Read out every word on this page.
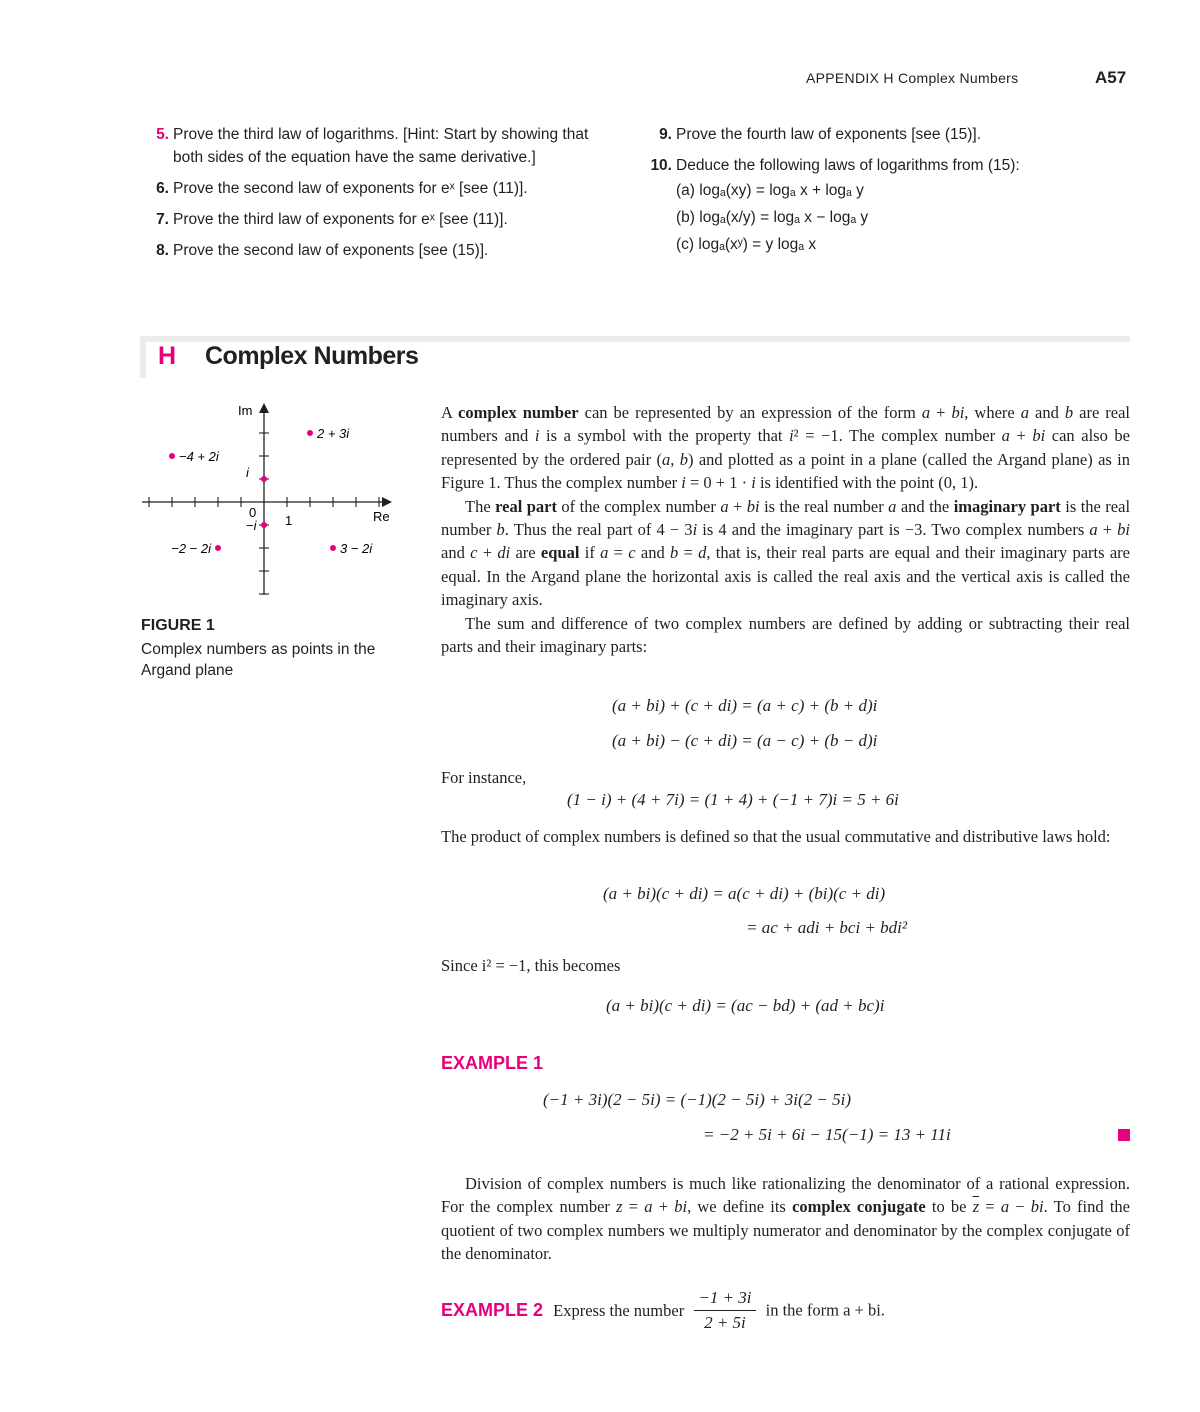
APPENDIX H Complex Numbers	A57
5. Prove the third law of logarithms. [Hint: Start by showing that
both sides of the equation have the same derivative.]
6. Prove the second law of exponents for eˣ [see (11)].
7. Prove the third law of exponents for eˣ [see (11)].
8. Prove the second law of exponents [see (15)].
9. Prove the fourth law of exponents [see (15)].
10. Deduce the following laws of logarithms from (15):
(a) logₐ(xy) = logₐ x + logₐ y
(b) logₐ(x/y) = logₐ x − logₐ y
(c) logₐ(xʸ) = y logₐ x
H Complex Numbers
2 + 3i
−4 + 2i
−2 − 2i	3 − 2i
i
−i
Re
Im
0
1
FIGURE 1
Complex numbers as points in the Argand plane

A complex number can be represented by an expression of the form a + bi, where a and b are real numbers and i is a symbol with the property that i² = −1. The complex number a + bi can also be represented by the ordered pair (a, b) and plotted as a point in a plane (called the Argand plane) as in Figure 1. Thus the complex number i = 0 + 1 · i is identified with the point (0, 1).

The real part of the complex number a + bi is the real number a and the imaginary part is the real number b. Thus the real part of 4 − 3i is 4 and the imaginary part is −3. Two complex numbers a + bi and c + di are equal if a = c and b = d, that is, their real parts are equal and their imaginary parts are equal. In the Argand plane the horizontal axis is called the real axis and the vertical axis is called the imaginary axis.

The sum and difference of two complex numbers are defined by adding or subtracting their real parts and their imaginary parts:

(a + bi) + (c + di) = (a + c) + (b + d)i
(a + bi) − (c + di) = (a − c) + (b − d)i
For instance,
(1 − i) + (4 + 7i) = (1 + 4) + (−1 + 7)i = 5 + 6i
The product of complex numbers is defined so that the usual commutative and distributive laws hold:
(a + bi)(c + di) = a(c + di) + (bi)(c + di)
= ac + adi + bci + bdi²
Since i² = −1, this becomes
(a + bi)(c + di) = (ac − bd) + (ad + bc)i
EXAMPLE 1
(−1 + 3i)(2 − 5i) = (−1)(2 − 5i) + 3i(2 − 5i)
= −2 + 5i + 6i − 15(−1) = 13 + 11i

Division of complex numbers is much like rationalizing the denominator of a rational expression. For the complex number z = a + bi, we define its complex conjugate to be $\overline{z} = a$ − bi. To find the quotient of two complex numbers we multiply numerator and denominator by the complex conjugate of the denominator.

EXAMPLE 2 Express the number $\frac{-1 + 3i}{2 + 5i}$ in the form a + bi.
